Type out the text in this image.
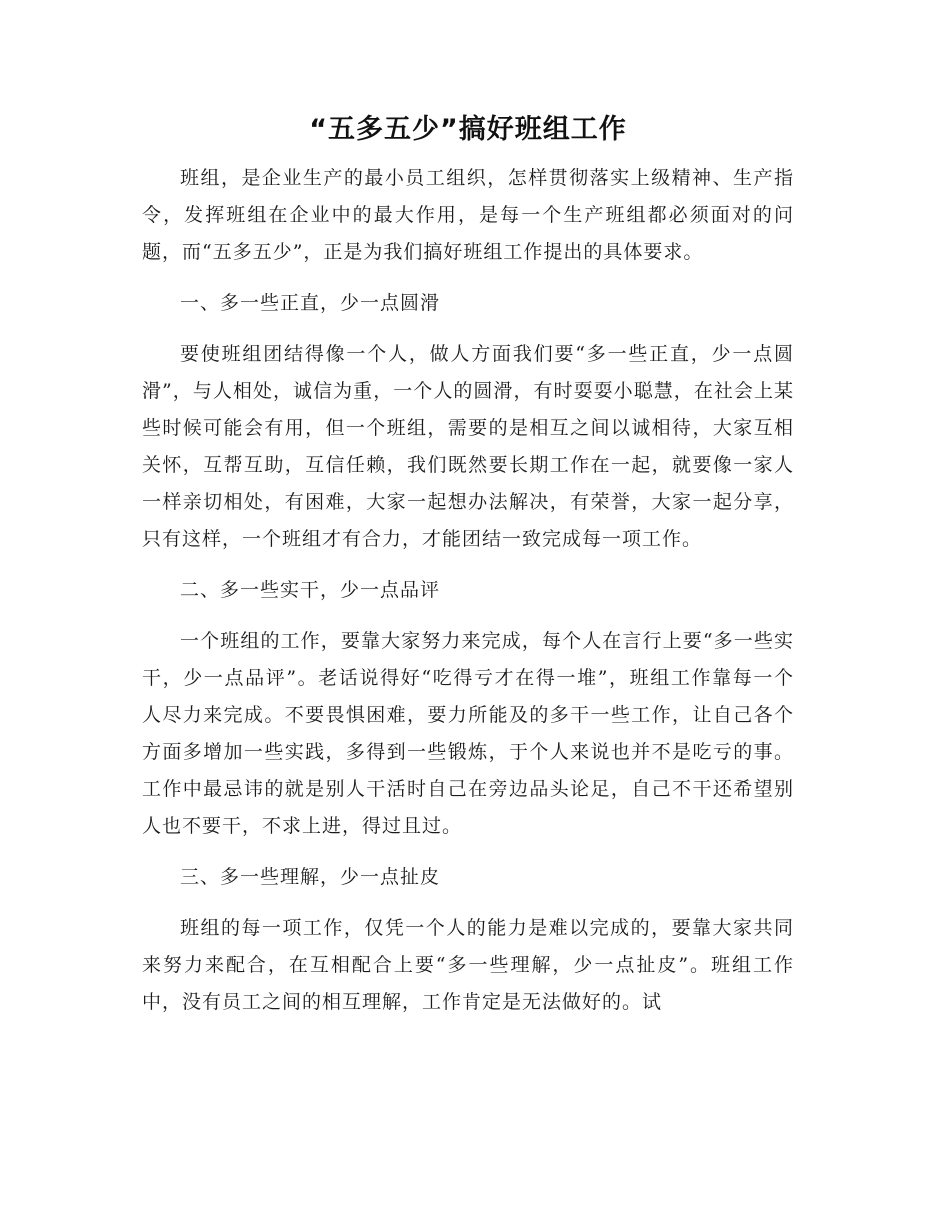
“五多五少”搞好班组工作

班组，是企业生产的最小员工组织，怎样贯彻落实上级精神、生产指令，发挥班组在企业中的最大作用，是每一个生产班组都必须面对的问题，而“五多五少”，正是为我们搞好班组工作提出的具体要求。

一、多一些正直，少一点圆滑

要使班组团结得像一个人，做人方面我们要“多一些正直，少一点圆滑”，与人相处，诚信为重，一个人的圆滑，有时耍耍小聪慧，在社会上某些时候可能会有用，但一个班组，需要的是相互之间以诚相待，大家互相关怀，互帮互助，互信任赖，我们既然要长期工作在一起，就要像一家人一样亲切相处，有困难，大家一起想办法解决，有荣誉，大家一起分享，只有这样，一个班组才有合力，才能团结一致完成每一项工作。

二、多一些实干，少一点品评

一个班组的工作，要靠大家努力来完成，每个人在言行上要“多一些实干，少一点品评”。老话说得好“吃得亏才在得一堆”，班组工作靠每一个人尽力来完成。不要畏惧困难，要力所能及的多干一些工作，让自己各个方面多增加一些实践，多得到一些锻炼，于个人来说也并不是吃亏的事。工作中最忌讳的就是别人干活时自己在旁边品头论足，自己不干还希望别人也不要干，不求上进，得过且过。

三、多一些理解，少一点扯皮

班组的每一项工作，仅凭一个人的能力是难以完成的，要靠大家共同来努力来配合，在互相配合上要“多一些理解，少一点扯皮”。班组工作中，没有员工之间的相互理解，工作肯定是无法做好的。试
